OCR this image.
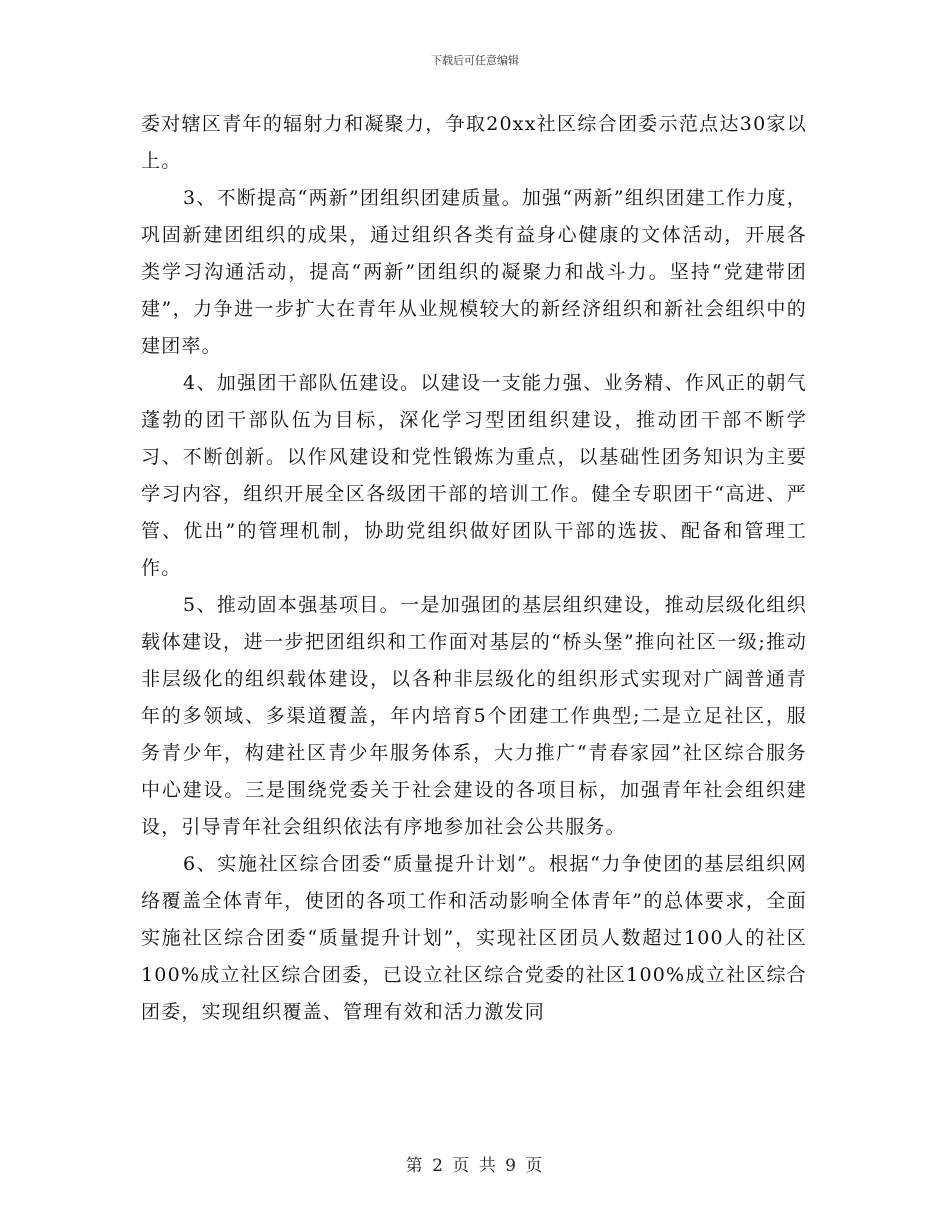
下载后可任意编辑

委对辖区青年的辐射力和凝聚力，争取20xx社区综合团委示范点达30家以上。

3、不断提高“两新”团组织团建质量。加强“两新”组织团建工作力度，巩固新建团组织的成果，通过组织各类有益身心健康的文体活动，开展各类学习沟通活动，提高“两新”团组织的凝聚力和战斗力。坚持“党建带团建”，力争进一步扩大在青年从业规模较大的新经济组织和新社会组织中的建团率。

4、加强团干部队伍建设。以建设一支能力强、业务精、作风正的朝气蓬勃的团干部队伍为目标，深化学习型团组织建设，推动团干部不断学习、不断创新。以作风建设和党性锻炼为重点，以基础性团务知识为主要学习内容，组织开展全区各级团干部的培训工作。健全专职团干“高进、严管、优出”的管理机制，协助党组织做好团队干部的选拔、配备和管理工作。

5、推动固本强基项目。一是加强团的基层组织建设，推动层级化组织载体建设，进一步把团组织和工作面对基层的“桥头堡”推向社区一级;推动非层级化的组织载体建设，以各种非层级化的组织形式实现对广阔普通青年的多领域、多渠道覆盖，年内培育5个团建工作典型;二是立足社区，服务青少年，构建社区青少年服务体系，大力推广“青春家园”社区综合服务中心建设。三是围绕党委关于社会建设的各项目标，加强青年社会组织建设，引导青年社会组织依法有序地参加社会公共服务。

6、实施社区综合团委“质量提升计划”。根据“力争使团的基层组织网络覆盖全体青年，使团的各项工作和活动影响全体青年”的总体要求，全面实施社区综合团委“质量提升计划”，实现社区团员人数超过100人的社区100%成立社区综合团委，已设立社区综合党委的社区100%成立社区综合团委，实现组织覆盖、管理有效和活力激发同

第 2 页 共 9 页
